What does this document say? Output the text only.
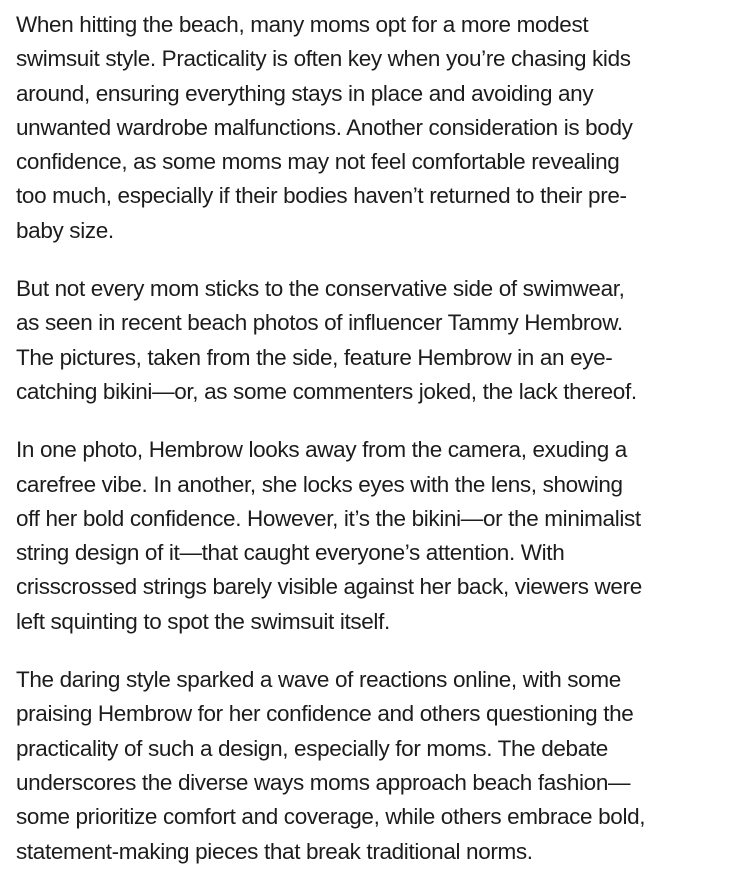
When hitting the beach, many moms opt for a more modest
swimsuit style. Practicality is often key when you’re chasing kids
around, ensuring everything stays in place and avoiding any
unwanted wardrobe malfunctions. Another consideration is body
confidence, as some moms may not feel comfortable revealing
too much, especially if their bodies haven’t returned to their pre-
baby size.

But not every mom sticks to the conservative side of swimwear,
as seen in recent beach photos of influencer Tammy Hembrow.
The pictures, taken from the side, feature Hembrow in an eye-
catching bikini—or, as some commenters joked, the lack thereof.

In one photo, Hembrow looks away from the camera, exuding a
carefree vibe. In another, she locks eyes with the lens, showing
off her bold confidence. However, it’s the bikini—or the minimalist
string design of it—that caught everyone’s attention. With
crisscrossed strings barely visible against her back, viewers were
left squinting to spot the swimsuit itself.

The daring style sparked a wave of reactions online, with some
praising Hembrow for her confidence and others questioning the
practicality of such a design, especially for moms. The debate
underscores the diverse ways moms approach beach fashion—
some prioritize comfort and coverage, while others embrace bold,
statement-making pieces that break traditional norms.
